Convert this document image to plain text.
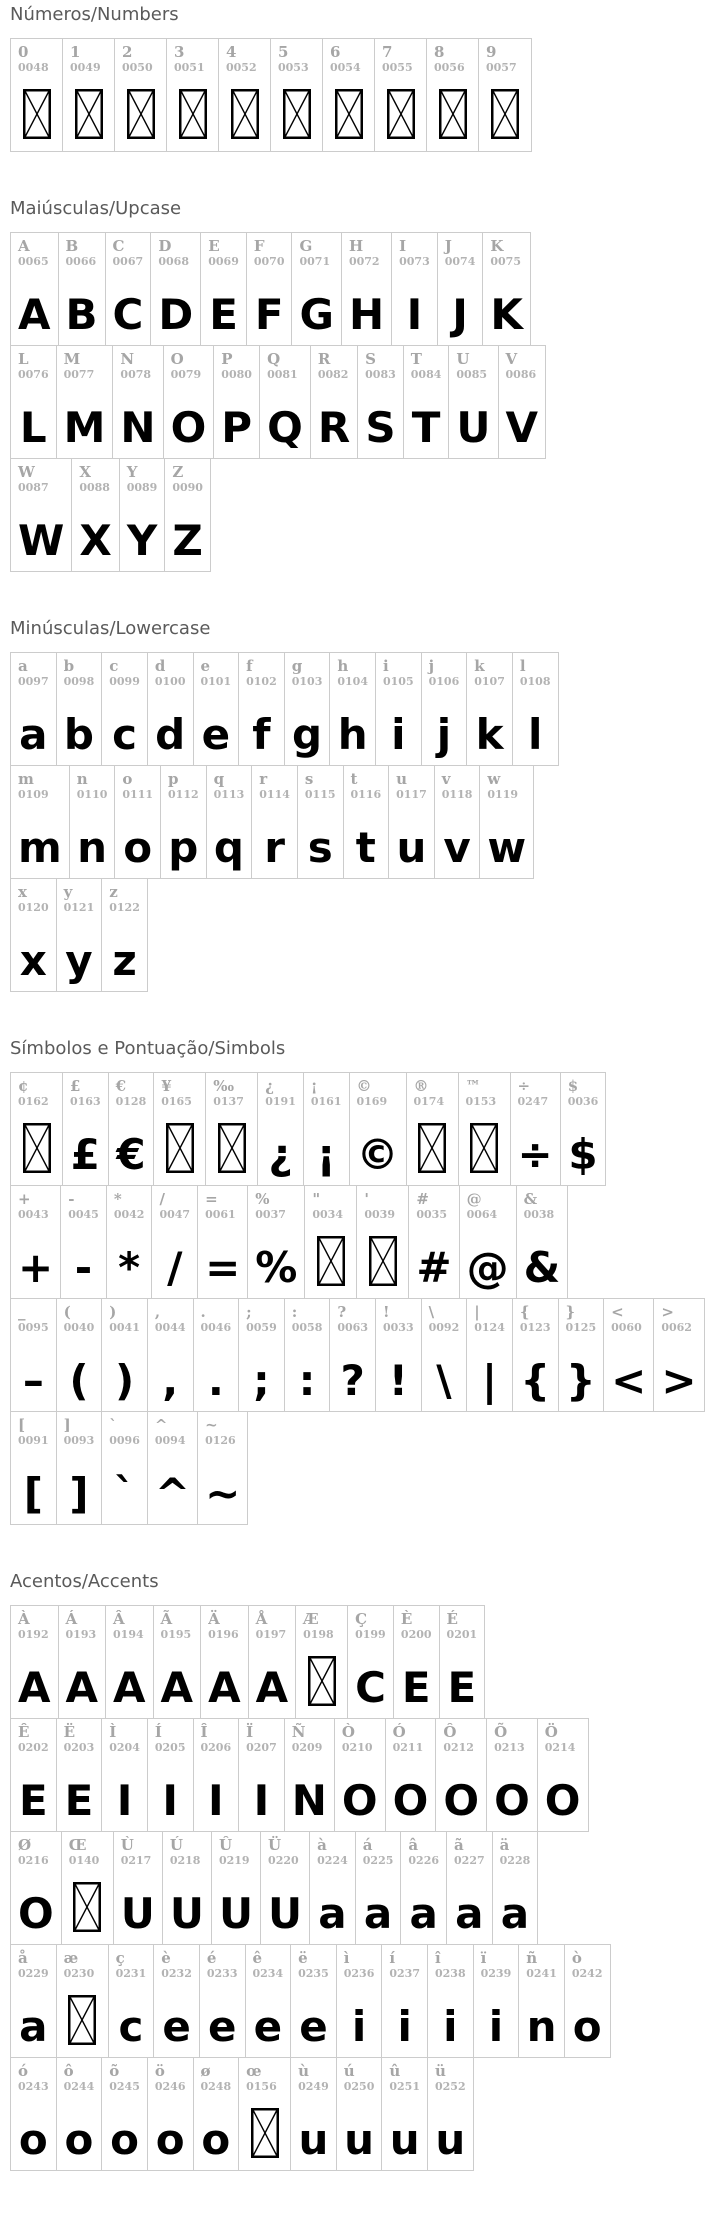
Números/Numbers
0
0048
1
0049
2
0050
3
0051
4
0052
5
0053
6
0054
7
0055
8
0056
9
0057
Maiúsculas/Upcase
A
0065
A
B
0066
B
C
0067
C
D
0068
D
E
0069
E
F
0070
F
G
0071
G
H
0072
H
I
0073
I
J
0074
J
K
0075
K
L
0076
L
M
0077
M
N
0078
N
O
0079
O
P
0080
P
Q
0081
Q
R
0082
R
S
0083
S
T
0084
T
U
0085
U
V
0086
V
W
0087
W
X
0088
X
Y
0089
Y
Z
0090
Z
Minúsculas/Lowercase
a
0097
a
b
0098
b
c
0099
c
d
0100
d
e
0101
e
f
0102
f
g
0103
g
h
0104
h
i
0105
i
j
0106
j
k
0107
k
l
0108
l
m
0109
m
n
0110
n
o
0111
o
p
0112
p
q
0113
q
r
0114
r
s
0115
s
t
0116
t
u
0117
u
v
0118
v
w
0119
w
x
0120
x
y
0121
y
z
0122
z
Símbolos e Pontuação/Simbols
¢
0162
£
0163
£
€
0128
€
¥
0165
‰
0137
¿
0191
¿
¡
0161
¡
©
0169
©
®
0174
™
0153
÷
0247
÷
$
0036
$
+
0043
+
-
0045
-
*
0042
*
/
0047
/
=
0061
=
%
0037
%
"
0034
'
0039
#
0035
#
@
0064
@
&
0038
&
_
0095
–
(
0040
(
)
0041
)
,
0044
,
.
0046
.
;
0059
;
:
0058
:
?
0063
?
!
0033
!
\
0092
\
|
0124
|
{
0123
{
}
0125
}
<
0060
<
>
0062
>
[
0091
[
]
0093
]
`
0096
`
^
0094
^
~
0126
~
Acentos/Accents
À
0192
A
Á
0193
A
Â
0194
A
Ã
0195
A
Ä
0196
A
Å
0197
A
Æ
0198
Ç
0199
C
È
0200
E
É
0201
E
Ê
0202
E
Ë
0203
E
Ì
0204
I
Í
0205
I
Î
0206
I
Ï
0207
I
Ñ
0209
N
Ò
0210
O
Ó
0211
O
Ô
0212
O
Õ
0213
O
Ö
0214
O
Ø
0216
O
Œ
0140
Ù
0217
U
Ú
0218
U
Û
0219
U
Ü
0220
U
à
0224
a
á
0225
a
â
0226
a
ã
0227
a
ä
0228
a
å
0229
a
æ
0230
ç
0231
c
è
0232
e
é
0233
e
ê
0234
e
ë
0235
e
ì
0236
i
í
0237
i
î
0238
i
ï
0239
i
ñ
0241
n
ò
0242
o
ó
0243
o
ô
0244
o
õ
0245
o
ö
0246
o
ø
0248
o
œ
0156
ù
0249
u
ú
0250
u
û
0251
u
ü
0252
u
